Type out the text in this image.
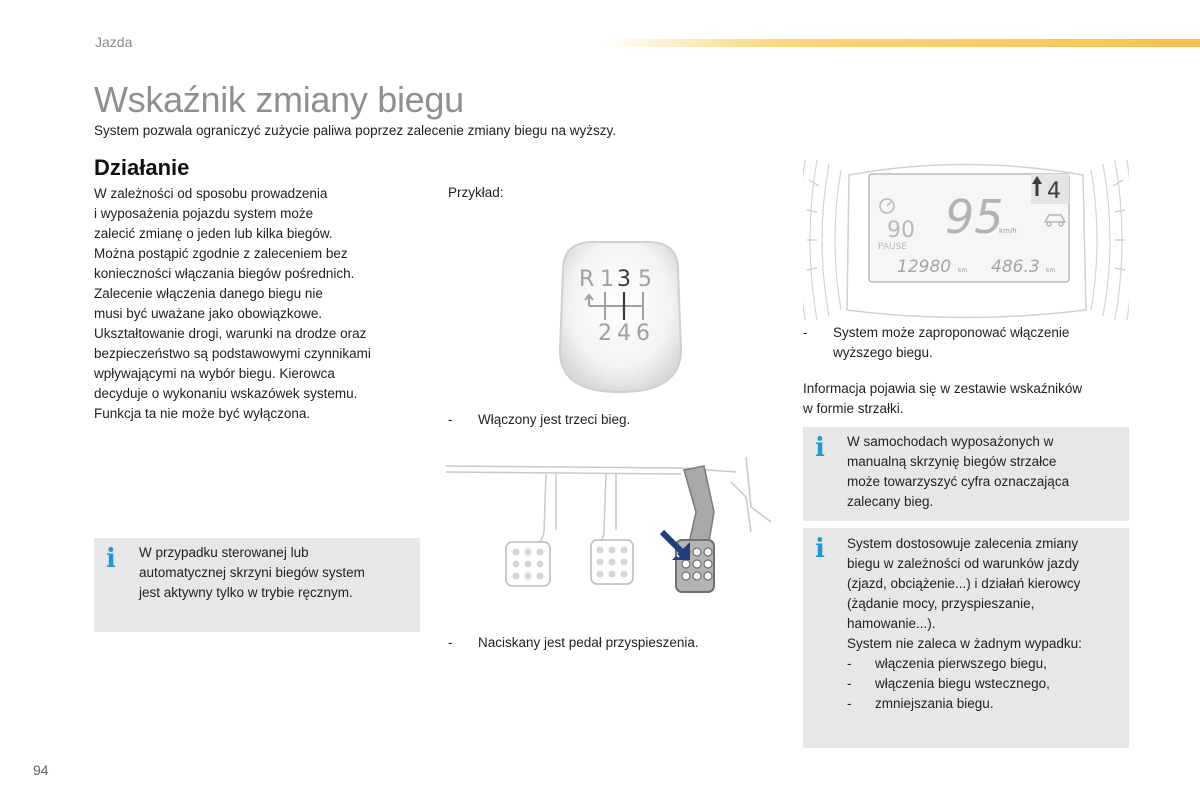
Jazda
Wskaźnik zmiany biegu
System pozwala ograniczyć zużycie paliwa poprzez zalecenie zmiany biegu na wyższy.
Działanie
W zależności od sposobu prowadzenia
i wyposażenia pojazdu system może
zalecić zmianę o jeden lub kilka biegów.
Można postąpić zgodnie z zaleceniem bez
konieczności włączania biegów pośrednich.
Zalecenie włączenia danego biegu nie
musi być uważane jako obowiązkowe.
Ukształtowanie drogi, warunki na drodze oraz
bezpieczeństwo są podstawowymi czynnikami
wpływającymi na wybór biegu. Kierowca
decyduje o wykonaniu wskazówek systemu.
Funkcja ta nie może być wyłączona.
Przykład:
R 1 3 5
2 4 6
- Włączony jest trzeci bieg.
- Naciskany jest pedał przyspieszenia.
i W przypadku sterowanej lub
automatycznej skrzyni biegów system
jest aktywny tylko w trybie ręcznym.
95
km/h
90
PAUSE
12980 km 486.3 km
4
- System może zaproponować włączenie
wyższego biegu.
Informacja pojawia się w zestawie wskaźników
w formie strzałki.
i W samochodach wyposażonych w
manualną skrzynię biegów strzałce
może towarzyszyć cyfra oznaczająca
zalecany bieg.
i System dostosowuje zalecenia zmiany
biegu w zależności od warunków jazdy
(zjazd, obciążenie...) i działań kierowcy
(żądanie mocy, przyspieszanie,
hamowanie...).
System nie zaleca w żadnym wypadku:
- włączenia pierwszego biegu,
- włączenia biegu wstecznego,
- zmniejszania biegu.
94
